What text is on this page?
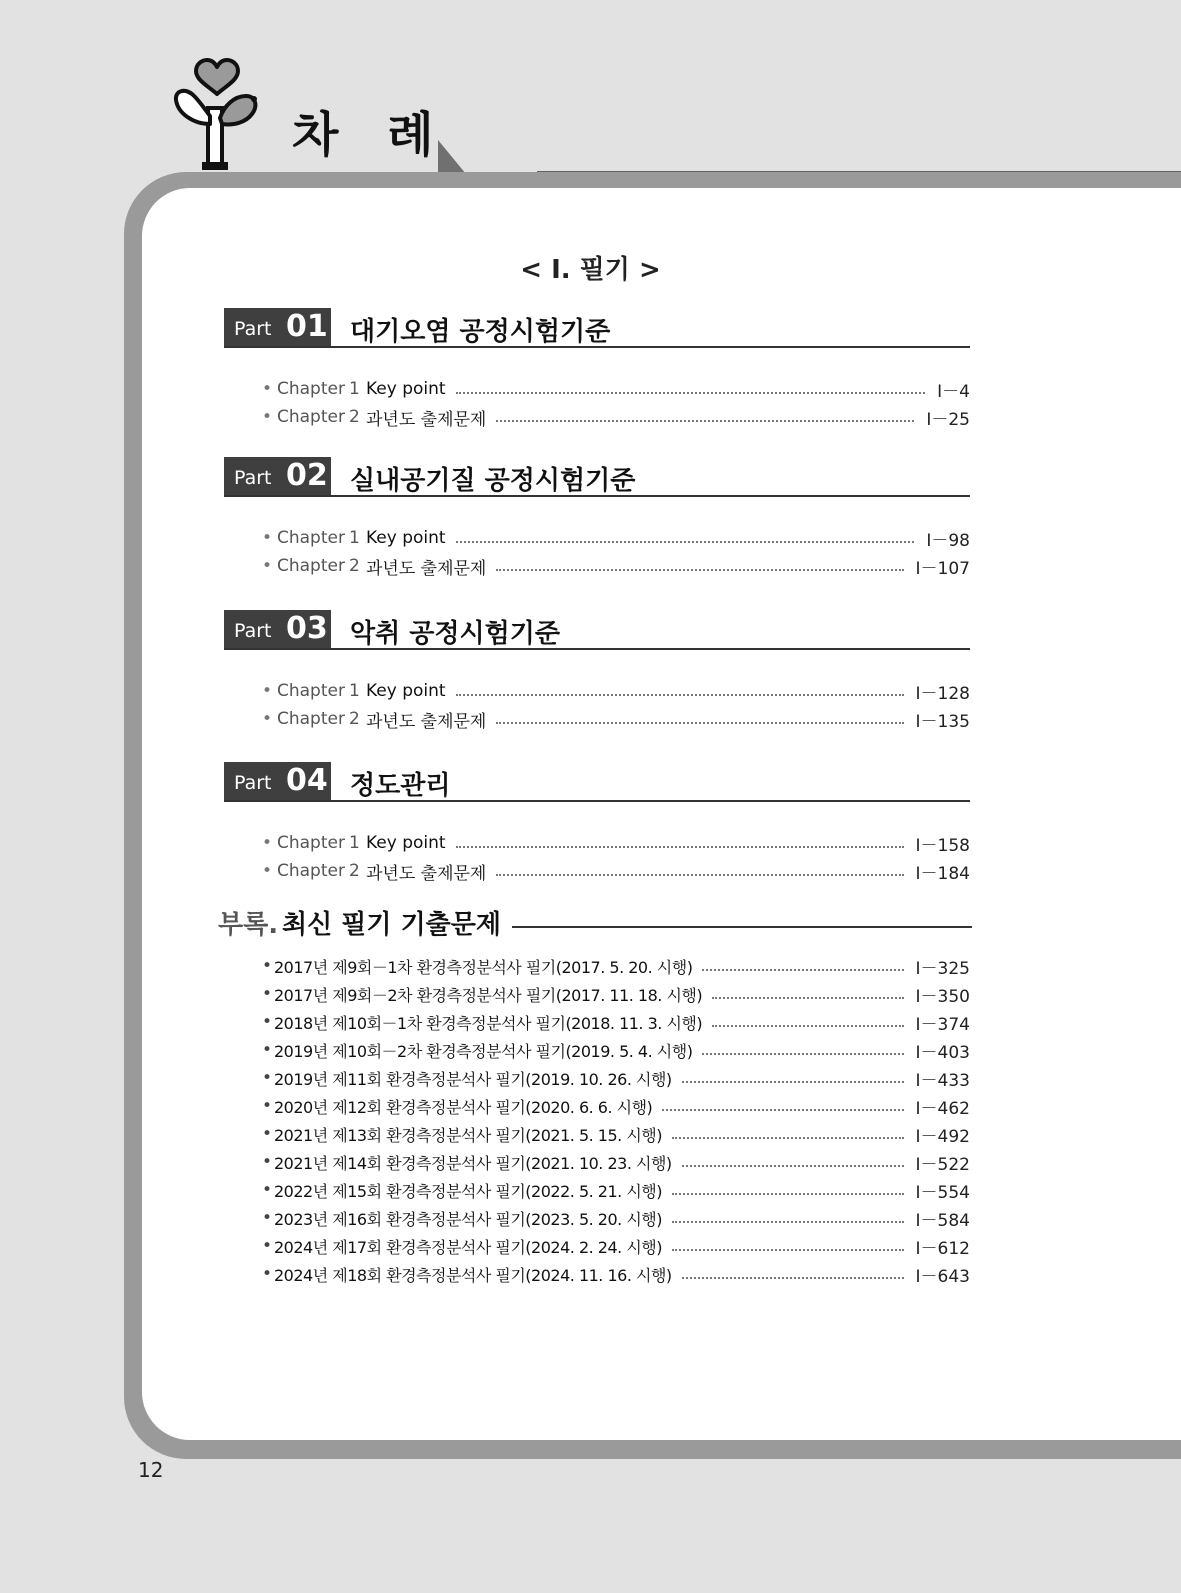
차 례
< Ⅰ. 필기 >
Part 01 대기오염 공정시험기준
• Chapter 1 Key point	Ⅰ－4
• Chapter 2 과년도 출제문제	Ⅰ－25
Part 02 실내공기질 공정시험기준
• Chapter 1 Key point	Ⅰ－98
• Chapter 2 과년도 출제문제	Ⅰ－107
Part 03 악취 공정시험기준
• Chapter 1 Key point	Ⅰ－128
• Chapter 2 과년도 출제문제	Ⅰ－135
Part 04 정도관리
• Chapter 1 Key point	Ⅰ－158
• Chapter 2 과년도 출제문제	Ⅰ－184
부록. 최신 필기 기출문제
• 2017년 제9회－1차 환경측정분석사 필기(2017. 5. 20. 시행)	Ⅰ－325
• 2017년 제9회－2차 환경측정분석사 필기(2017. 11. 18. 시행)	Ⅰ－350
• 2018년 제10회－1차 환경측정분석사 필기(2018. 11. 3. 시행)	Ⅰ－374
• 2019년 제10회－2차 환경측정분석사 필기(2019. 5. 4. 시행)	Ⅰ－403
• 2019년 제11회 환경측정분석사 필기(2019. 10. 26. 시행)	Ⅰ－433
• 2020년 제12회 환경측정분석사 필기(2020. 6. 6. 시행)	Ⅰ－462
• 2021년 제13회 환경측정분석사 필기(2021. 5. 15. 시행)	Ⅰ－492
• 2021년 제14회 환경측정분석사 필기(2021. 10. 23. 시행)	Ⅰ－522
• 2022년 제15회 환경측정분석사 필기(2022. 5. 21. 시행)	Ⅰ－554
• 2023년 제16회 환경측정분석사 필기(2023. 5. 20. 시행)	Ⅰ－584
• 2024년 제17회 환경측정분석사 필기(2024. 2. 24. 시행)	Ⅰ－612
• 2024년 제18회 환경측정분석사 필기(2024. 11. 16. 시행)	Ⅰ－643
12
